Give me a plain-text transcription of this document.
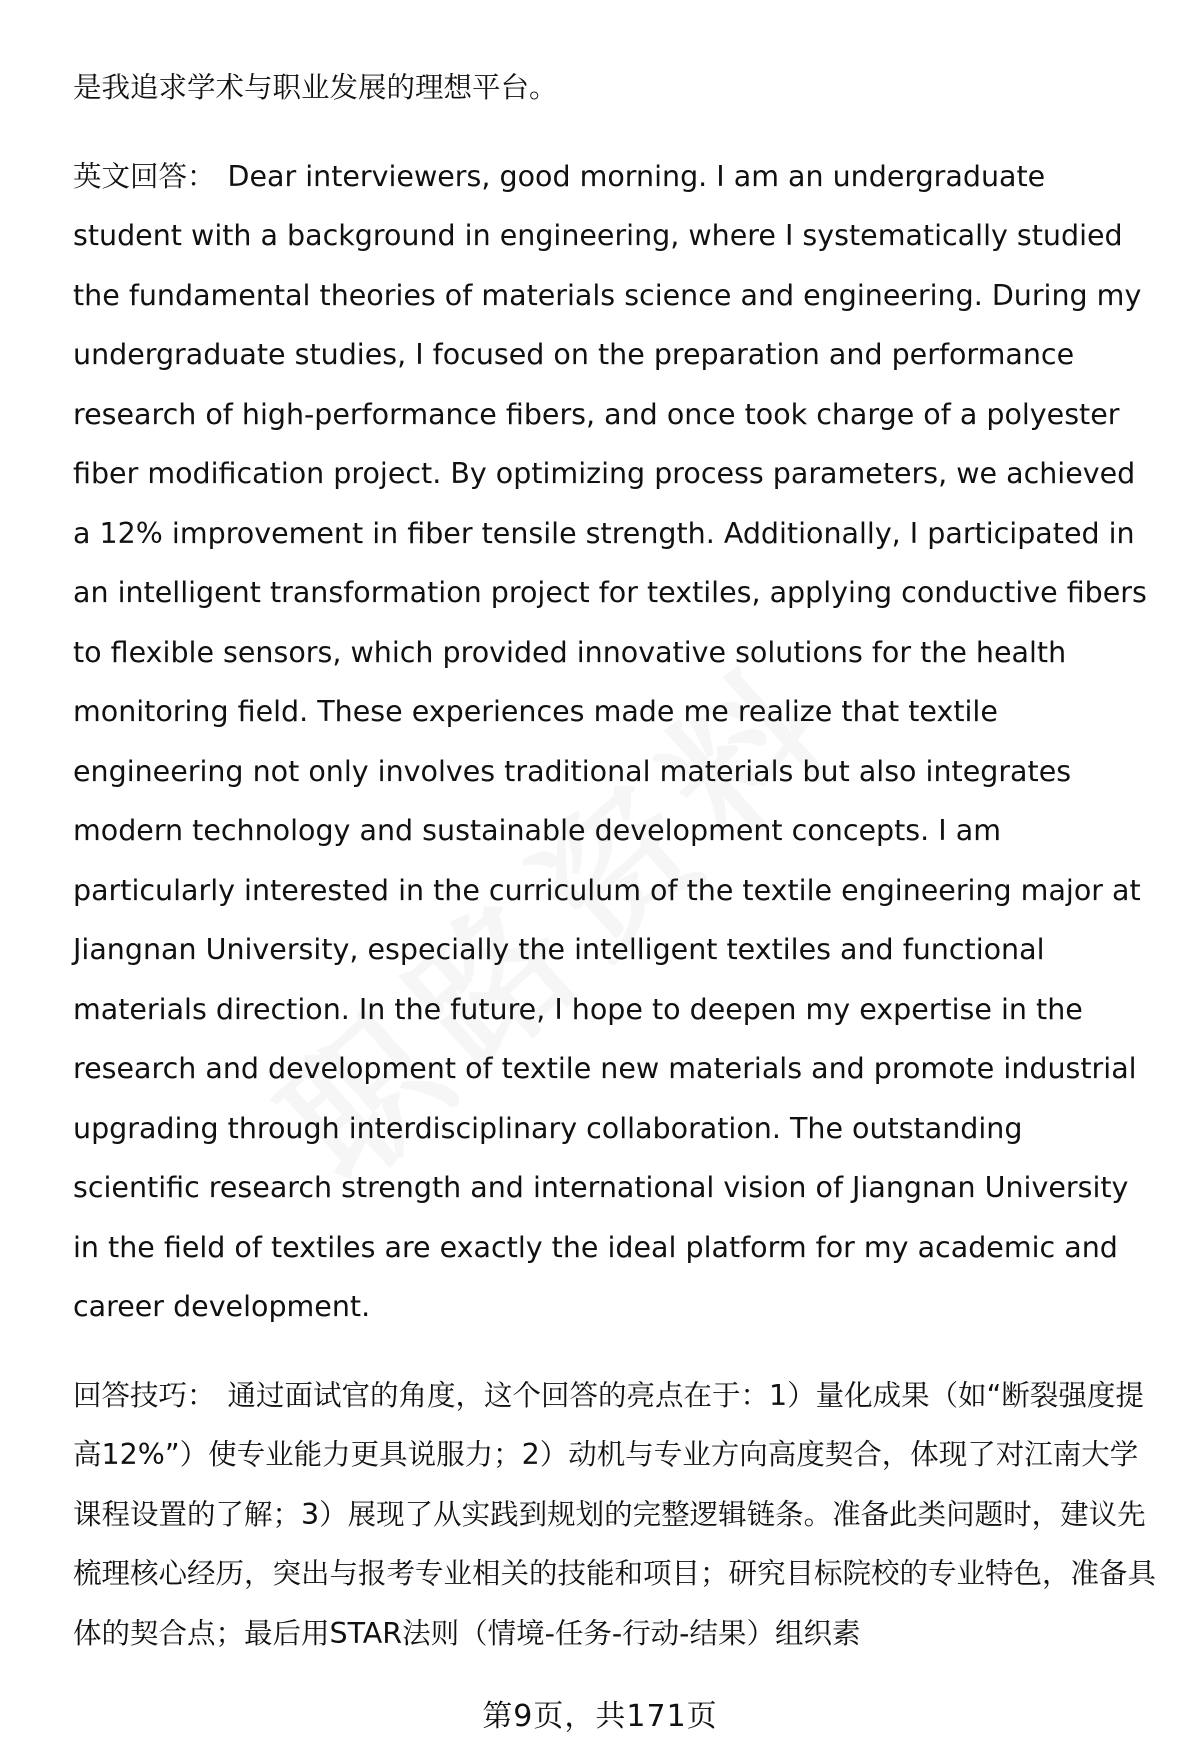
是我追求学术与职业发展的理想平台。

英文回答： Dear interviewers, good morning. I am an undergraduate student with a background in engineering, where I systematically studied the fundamental theories of materials science and engineering. During my undergraduate studies, I focused on the preparation and performance research of high-performance fibers, and once took charge of a polyester fiber modification project. By optimizing process parameters, we achieved a 12% improvement in fiber tensile strength. Additionally, I participated in an intelligent transformation project for textiles, applying conductive fibers to flexible sensors, which provided innovative solutions for the health monitoring field. These experiences made me realize that textile engineering not only involves traditional materials but also integrates modern technology and sustainable development concepts. I am particularly interested in the curriculum of the textile engineering major at Jiangnan University, especially the intelligent textiles and functional materials direction. In the future, I hope to deepen my expertise in the research and development of textile new materials and promote industrial upgrading through interdisciplinary collaboration. The outstanding scientific research strength and international vision of Jiangnan University in the field of textiles are exactly the ideal platform for my academic and career development.

回答技巧： 通过面试官的角度，这个回答的亮点在于：1）量化成果（如“断裂强度提高12%”）使专业能力更具说服力；2）动机与专业方向高度契合，体现了对江南大学课程设置的了解；3）展现了从实践到规划的完整逻辑链条。准备此类问题时，建议先梳理核心经历，突出与报考专业相关的技能和项目；研究目标院校的专业特色，准备具体的契合点；最后用STAR法则（情境-任务-行动-结果）组织素

第9页，共171页
